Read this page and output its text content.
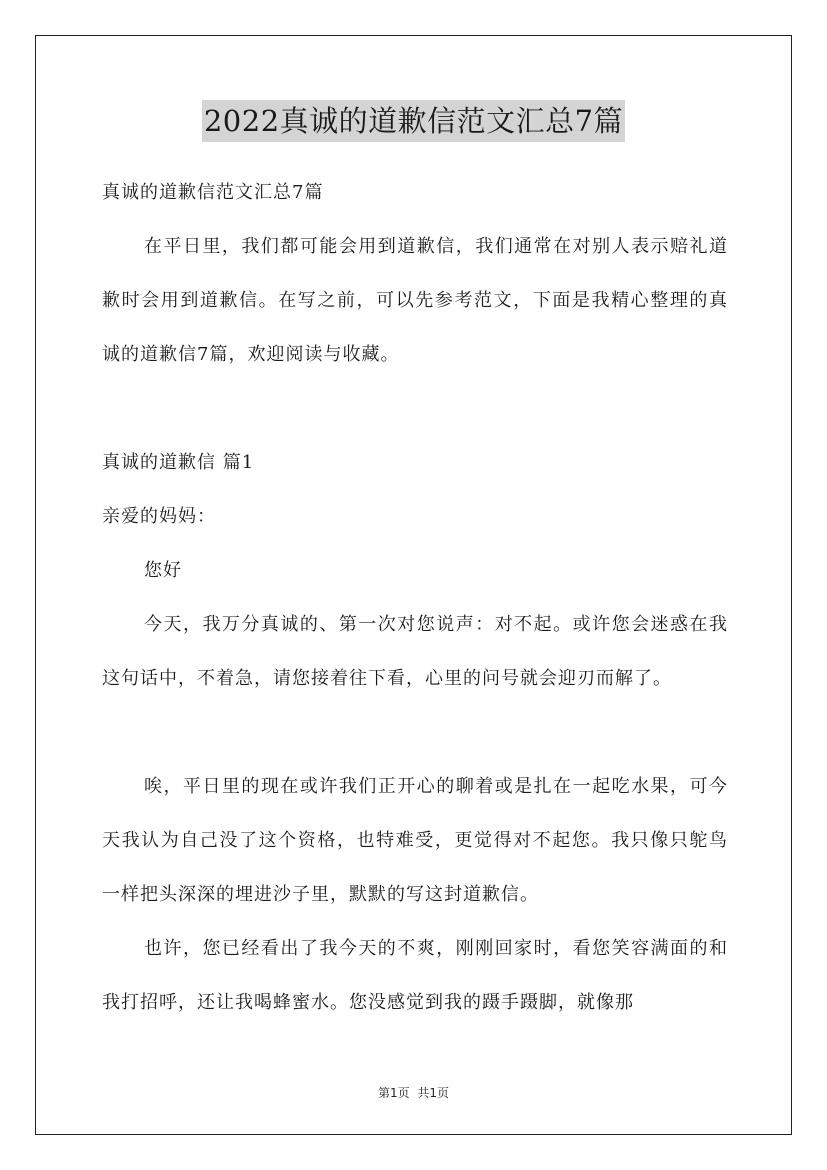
2022真诚的道歉信范文汇总7篇

真诚的道歉信范文汇总7篇

在平日里，我们都可能会用到道歉信，我们通常在对别人表示赔礼道歉时会用到道歉信。在写之前，可以先参考范文，下面是我精心整理的真诚的道歉信7篇，欢迎阅读与收藏。

真诚的道歉信 篇1

亲爱的妈妈：

您好

今天，我万分真诚的、第一次对您说声：对不起。或许您会迷惑在我这句话中，不着急，请您接着往下看，心里的问号就会迎刃而解了。

唉，平日里的现在或许我们正开心的聊着或是扎在一起吃水果，可今天我认为自己没了这个资格，也特难受，更觉得对不起您。我只像只鸵鸟一样把头深深的埋进沙子里，默默的写这封道歉信。

也许，您已经看出了我今天的不爽，刚刚回家时，看您笑容满面的和我打招呼，还让我喝蜂蜜水。您没感觉到我的蹑手蹑脚，就像那

第1页 共1页
